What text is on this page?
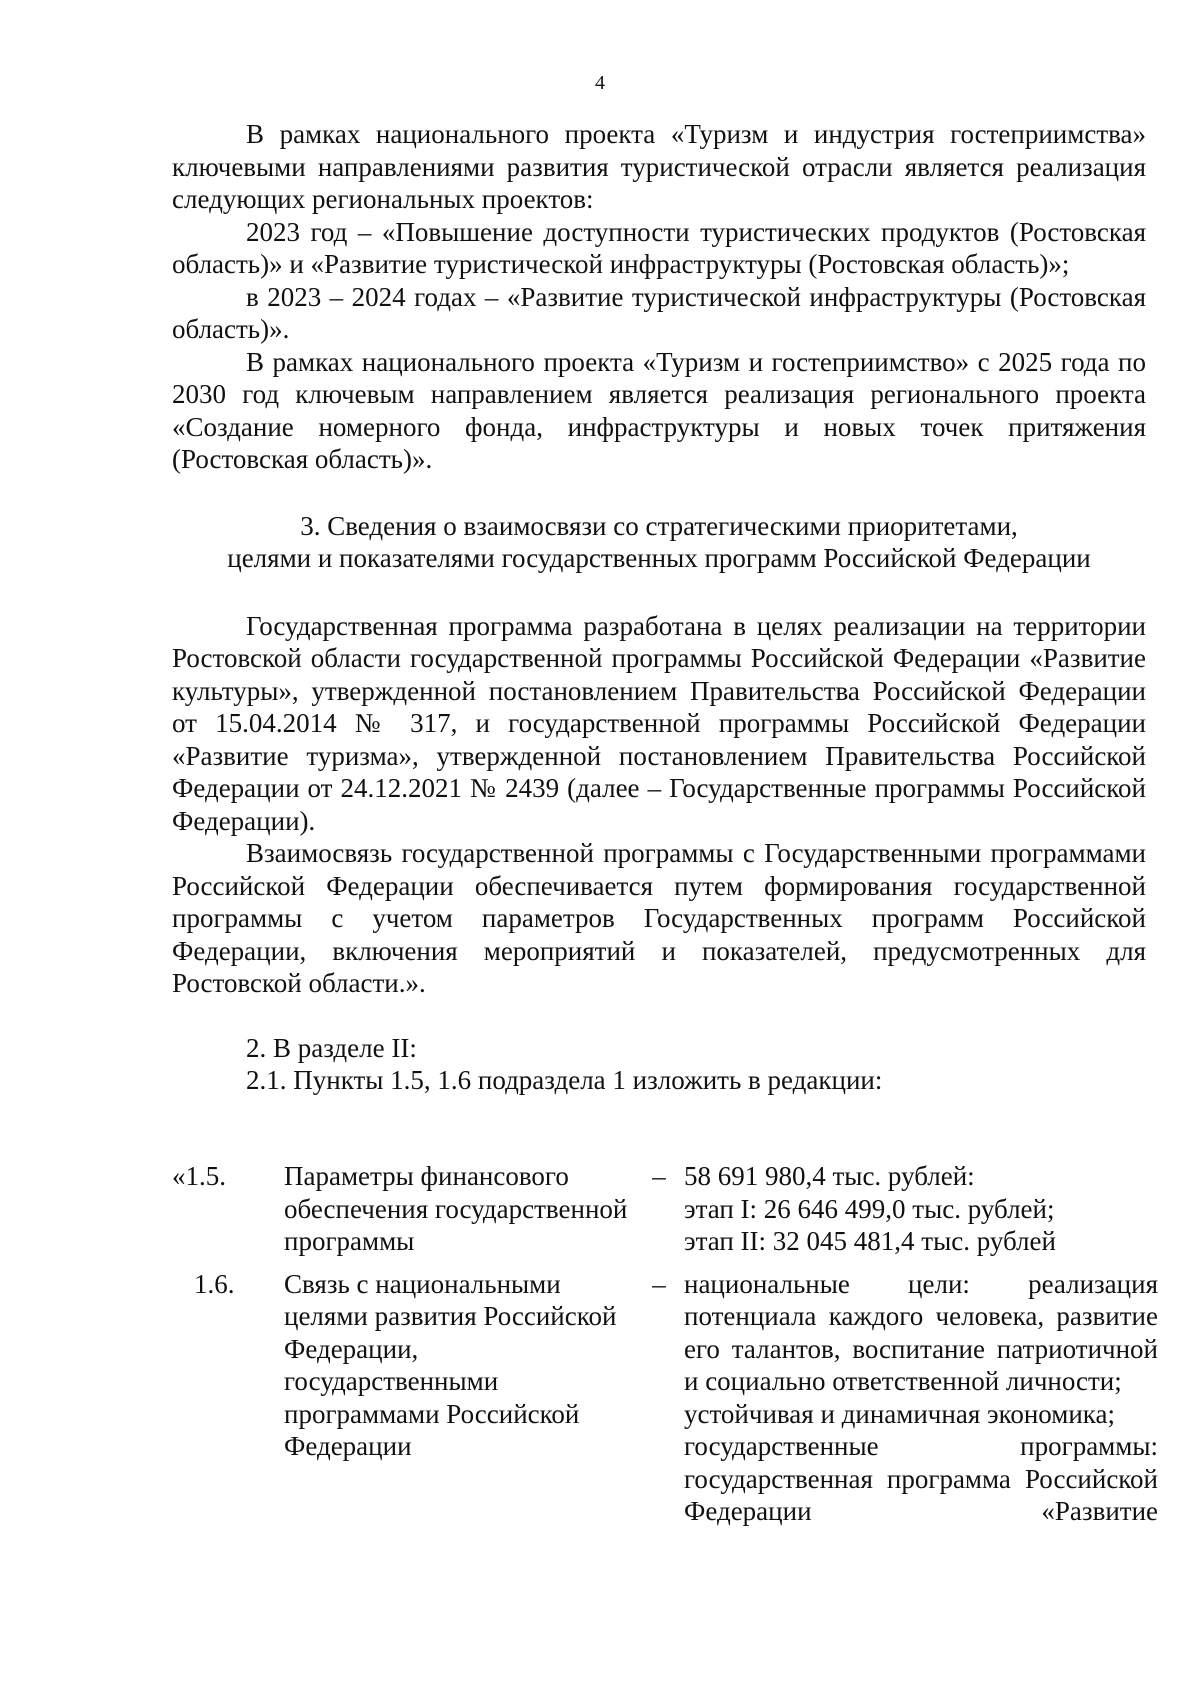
4

В рамках национального проекта «Туризм и индустрия гостеприимства» ключевыми направлениями развития туристической отрасли является реализация следующих региональных проектов:

2023 год – «Повышение доступности туристических продуктов (Ростовская область)» и «Развитие туристической инфраструктуры (Ростовская область)»;

в 2023 – 2024 годах – «Развитие туристической инфраструктуры (Ростовская область)».

В рамках национального проекта «Туризм и гостеприимство» с 2025 года по 2030 год ключевым направлением является реализация регионального проекта «Создание номерного фонда, инфраструктуры и новых точек притяжения (Ростовская область)».

3. Сведения о взаимосвязи со стратегическими приоритетами,
целями и показателями государственных программ Российской Федерации

Государственная программа разработана в целях реализации на территории Ростовской области государственной программы Российской Федерации «Развитие культуры», утвержденной постановлением Правительства Российской Федерации от 15.04.2014 № 317, и государственной программы Российской Федерации «Развитие туризма», утвержденной постановлением Правительства Российской Федерации от 24.12.2021 № 2439 (далее – Государственные программы Российской Федерации).

Взаимосвязь государственной программы с Государственными программами Российской Федерации обеспечивается путем формирования государственной программы с учетом параметров Государственных программ Российской Федерации, включения мероприятий и показателей, предусмотренных для Ростовской области.».

2. В разделе II:

2.1. Пункты 1.5, 1.6 подраздела 1 изложить в редакции:

«1.5.	Параметры финансового обеспечения государственной программы	–	58 691 980,4 тыс. рублей:
этап I: 26 646 499,0 тыс. рублей;
этап II: 32 045 481,4 тыс. рублей

1.6.	Связь с национальными целями развития Российской Федерации, государственными программами Российской Федерации	–	национальные цели: реализация потенциала каждого человека, развитие его талантов, воспитание патриотичной и социально ответственной личности;
устойчивая и динамичная экономика;
государственные программы: государственная программа Российской Федерации «Развитие
